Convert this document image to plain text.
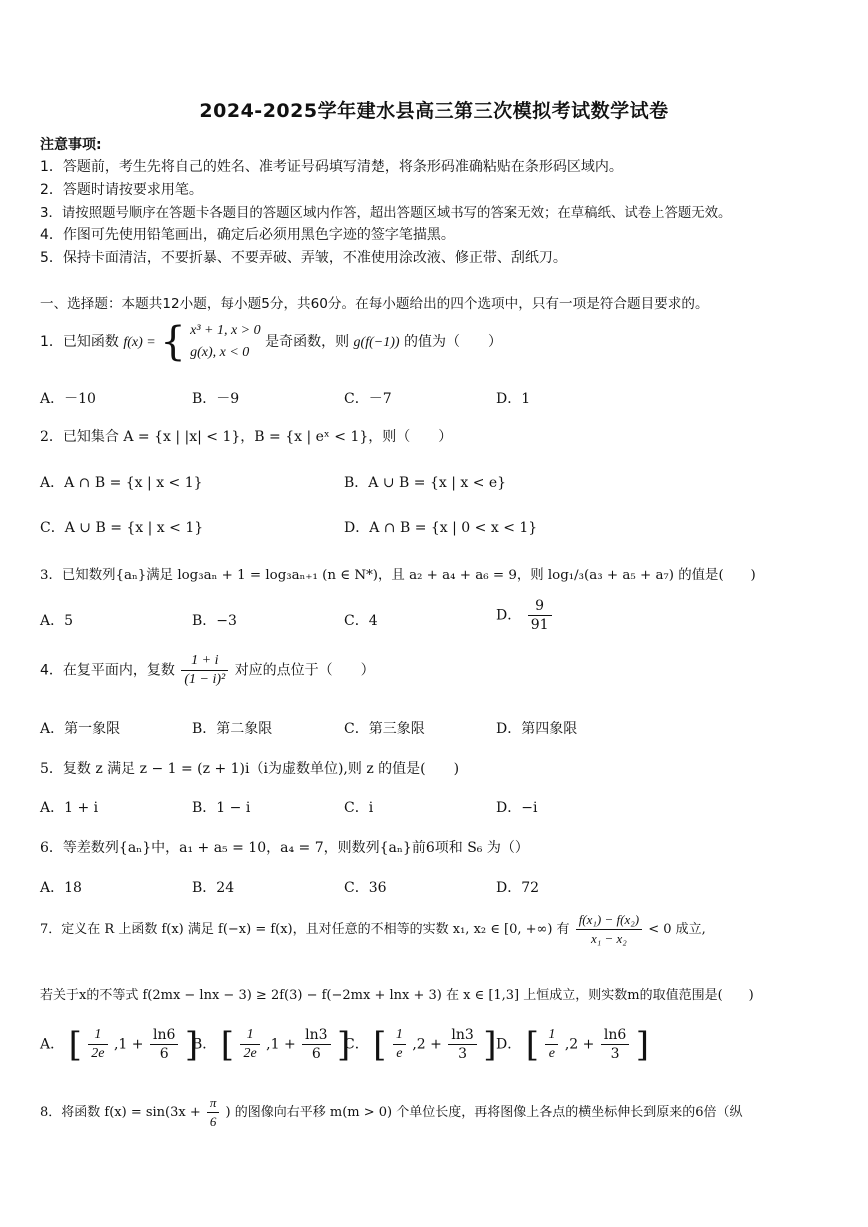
2024-2025学年建水县高三第三次模拟考试数学试卷
注意事项:
1．答题前，考生先将自己的姓名、准考证号码填写清楚，将条形码准确粘贴在条形码区域内。
2．答题时请按要求用笔。
3．请按照题号顺序在答题卡各题目的答题区域内作答，超出答题区域书写的答案无效；在草稿纸、试卷上答题无效。
4．作图可先使用铅笔画出，确定后必须用黑色字迹的签字笔描黑。
5．保持卡面清洁，不要折暴、不要弄破、弄皱，不准使用涂改液、修正带、刮纸刀。
一、选择题：本题共12小题，每小题5分，共60分。在每小题给出的四个选项中，只有一项是符合题目要求的。
1．已知函数 f(x) = { x³ + 1, x > 0
g(x), x < 0
是奇函数，则 g(f(−1)) 的值为（　　）
A．－10	B．－9	C．－7	D．1
2．已知集合 A = {x | |x| < 1}，B = {x | eˣ < 1}，则（　　）
A．A ∩ B = {x | x < 1}	B．A ∪ B = {x | x < e}
C．A ∪ B = {x | x < 1}	D．A ∩ B = {x | 0 < x < 1}
3．已知数列{aₙ}满足 log₃aₙ + 1 = log₃aₙ₊₁ (n ∈ N*)，且 a₂ + a₄ + a₆ = 9，则 log₁/₃(a₃ + a₅ + a₇) 的值是(　　)
A．5	B．−3	C．4	D． $\frac{9}{91}$
4．在复平面内，复数 $\frac{1 + i}{\text{(1 − i)²}}$ 对应的点位于（　　）
A．第一象限	B．第二象限	C．第三象限	D．第四象限
5．复数 z 满足 z − 1 = (z + 1)i（i为虚数单位),则 z 的值是(　　)
A．1 + i	B．1 − i	C．i	D．−i
6．等差数列{aₙ}中，a₁ + a₅ = 10，a₄ = 7，则数列{aₙ}前6项和 S₆ 为（）
A．18	B．24	C．36	D．72
7．定义在 R 上函数 f(x) 满足 f(−x) = f(x)，且对任意的不相等的实数 x₁, x₂ ∈ [0, +∞) 有 $\frac{\text{f(x₁) − f(x₂)}}{\text{x₁ − x₂}} < 0$ 成立,
若关于x的不等式 f(2mx − lnx − 3) ≥ 2f(3) − f(−2mx + lnx + 3) 在 x ∈ [1,3] 上恒成立，则实数m的取值范围是(　　)
A． [ $\frac{1}{2e} ,1 + \frac{\ln 6}{6}$ ]
B． [ $\frac{1}{2e} ,1 + \frac{\ln 3}{6}$ ]
C． [ $\frac{1}{e} ,2 + \frac{\ln 3}{3}$ ] D． [ $\frac{1}{e} ,2 + \frac{\ln 6}{3}$ ]
8．将函数 $f(x) = \sin(3x + \frac{\pi}{6}$ ) 的图像向右平移 m(m > 0) 个单位长度，再将图像上各点的横坐标伸长到原来的6倍（纵
